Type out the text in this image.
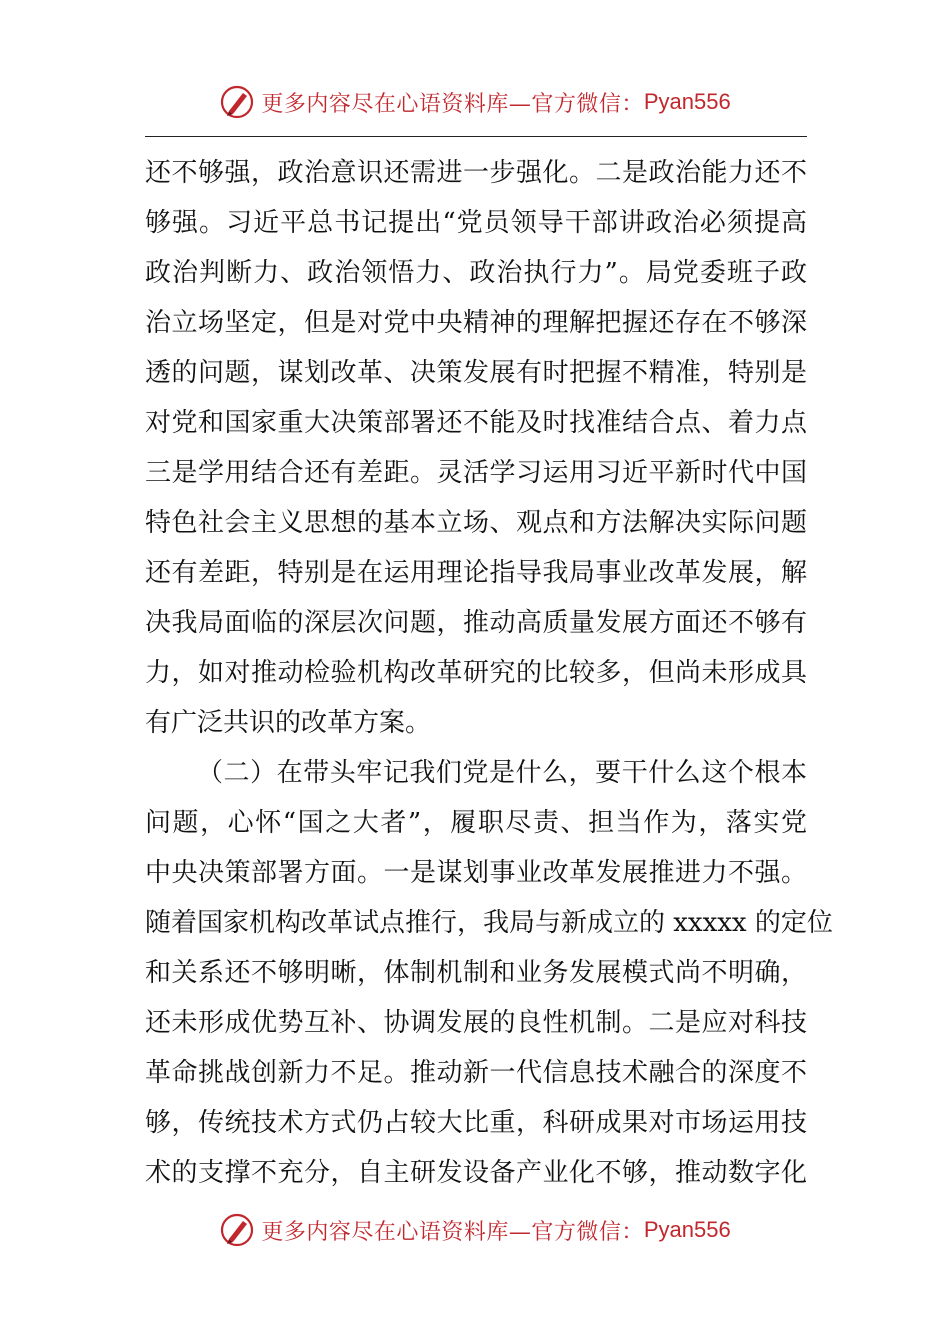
更多内容尽在心语资料库—官方微信： Pyan556
还不够强，政治意识还需进一步强化。二是政治能力还不
够强。习近平总书记提出“党员领导干部讲政治必须提高
政治判断力、政治领悟力、政治执行力”。局党委班子政
治立场坚定，但是对党中央精神的理解把握还存在不够深
透的问题，谋划改革、决策发展有时把握不精准，特别是
对党和国家重大决策部署还不能及时找准结合点、着力点
三是学用结合还有差距。灵活学习运用习近平新时代中国
特色社会主义思想的基本立场、观点和方法解决实际问题
还有差距，特别是在运用理论指导我局事业改革发展，解
决我局面临的深层次问题，推动高质量发展方面还不够有
力，如对推动检验机构改革研究的比较多，但尚未形成具
有广泛共识的改革方案。
（二）在带头牢记我们党是什么，要干什么这个根本
问题，心怀“国之大者”，履职尽责、担当作为，落实党
中央决策部署方面。一是谋划事业改革发展推进力不强。
随着国家机构改革试点推行，我局与新成立的 xxxxx 的定位
和关系还不够明晰，体制机制和业务发展模式尚不明确，
还未形成优势互补、协调发展的良性机制。二是应对科技
革命挑战创新力不足。推动新一代信息技术融合的深度不
够，传统技术方式仍占较大比重，科研成果对市场运用技
术的支撑不充分，自主研发设备产业化不够，推动数字化
更多内容尽在心语资料库—官方微信： Pyan556
